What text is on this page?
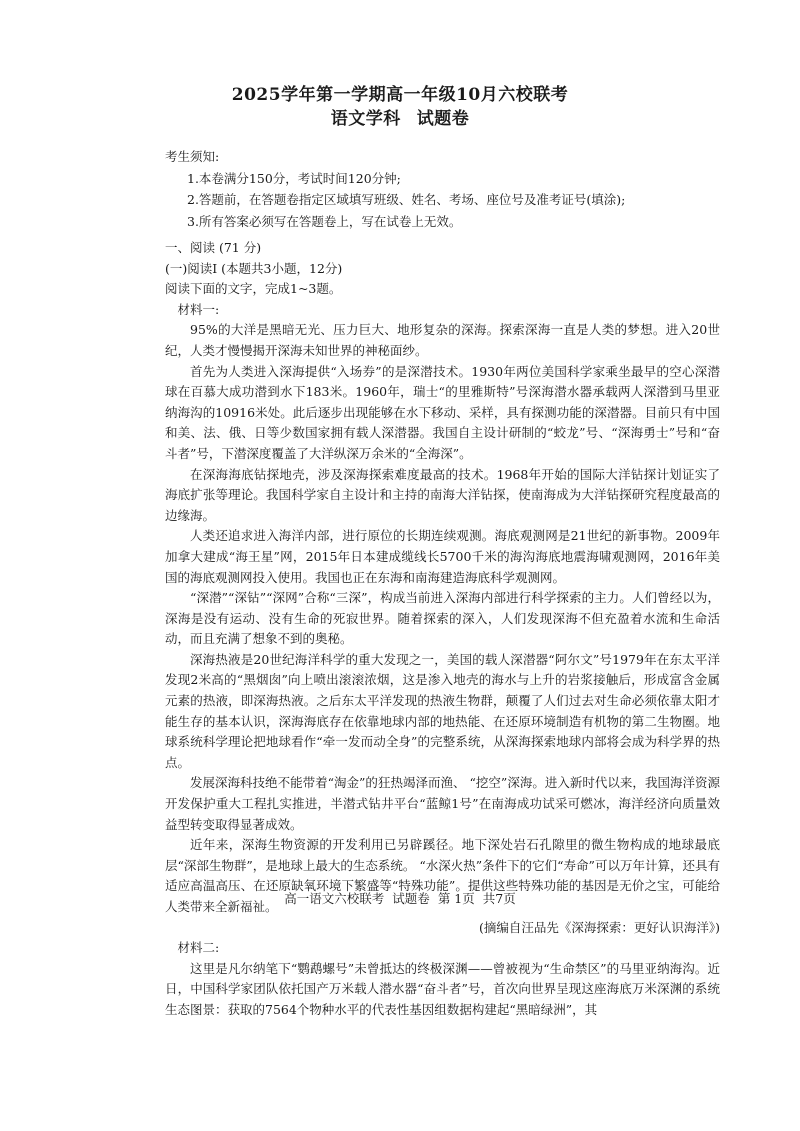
2025学年第一学期高一年级10月六校联考
语文学科 试题卷

考生须知:

1.本卷满分150分，考试时间120分钟;

2.答题前，在答题卷指定区域填写班级、姓名、考场、座位号及准考证号(填涂);

3.所有答案必须写在答题卷上，写在试卷上无效。

一、阅读 (71 分)

(一)阅读Ⅰ (本题共3小题，12分)

阅读下面的文字，完成1~3题。

材料一:

95%的大洋是黑暗无光、压力巨大、地形复杂的深海。探索深海一直是人类的梦想。进入20世纪，人类才慢慢揭开深海未知世界的神秘面纱。

首先为人类进入深海提供“入场券”的是深潜技术。1930年两位美国科学家乘坐最早的空心深潜球在百慕大成功潜到水下183米。1960年，瑞士“的里雅斯特”号深海潜水器承载两人深潜到马里亚纳海沟的10916米处。此后逐步出现能够在水下移动、采样，具有探测功能的深潜器。目前只有中国和美、法、俄、日等少数国家拥有载人深潜器。我国自主设计研制的“蛟龙”号、“深海勇士”号和“奋斗者”号，下潜深度覆盖了大洋纵深万余米的“全海深”。

在深海海底钻探地壳，涉及深海探索难度最高的技术。1968年开始的国际大洋钻探计划证实了海底扩张等理论。我国科学家自主设计和主持的南海大洋钻探，使南海成为大洋钻探研究程度最高的边缘海。

人类还追求进入海洋内部，进行原位的长期连续观测。海底观测网是21世纪的新事物。2009年加拿大建成“海王星”网，2015年日本建成缆线长5700千米的海沟海底地震海啸观测网，2016年美国的海底观测网投入使用。我国也正在东海和南海建造海底科学观测网。

“深潜”“深钻”“深网”合称“三深”，构成当前进入深海内部进行科学探索的主力。人们曾经以为，深海是没有运动、没有生命的死寂世界。随着探索的深入，人们发现深海不但充盈着水流和生命活动，而且充满了想象不到的奥秘。

深海热液是20世纪海洋科学的重大发现之一，美国的载人深潜器“阿尔文”号1979年在东太平洋发现2米高的“黑烟囱”向上喷出滚滚浓烟，这是渗入地壳的海水与上升的岩浆接触后，形成富含金属元素的热液，即深海热液。之后东太平洋发现的热液生物群，颠覆了人们过去对生命必须依靠太阳才能生存的基本认识，深海海底存在依靠地球内部的地热能、在还原环境制造有机物的第二生物圈。地球系统科学理论把地球看作“牵一发而动全身”的完整系统，从深海探索地球内部将会成为科学界的热点。

发展深海科技绝不能带着“淘金”的狂热竭泽而渔、 “挖空”深海。进入新时代以来，我国海洋资源开发保护重大工程扎实推进，半潜式钻井平台“蓝鲸1号”在南海成功试采可燃冰，海洋经济向质量效益型转变取得显著成效。

近年来，深海生物资源的开发利用已另辟蹊径。地下深处岩石孔隙里的微生物构成的地球最底层“深部生物群”，是地球上最大的生态系统。 “水深火热”条件下的它们“寿命”可以万年计算，还具有适应高温高压、在还原缺氧环境下繁盛等“特殊功能”。提供这些特殊功能的基因是无价之宝，可能给人类带来全新福祉。

(摘编自汪品先《深海探索：更好认识海洋》)

材料二:

这里是凡尔纳笔下“鹦鹉螺号”未曾抵达的终极深渊——曾被视为“生命禁区”的马里亚纳海沟。近日，中国科学家团队依托国产万米载人潜水器“奋斗者”号，首次向世界呈现这座海底万米深渊的系统生态图景：获取的7564个物种水平的代表性基因组数据构建起“黑暗绿洲”，其

高一语文六校联考 试题卷 第 1页 共7页
